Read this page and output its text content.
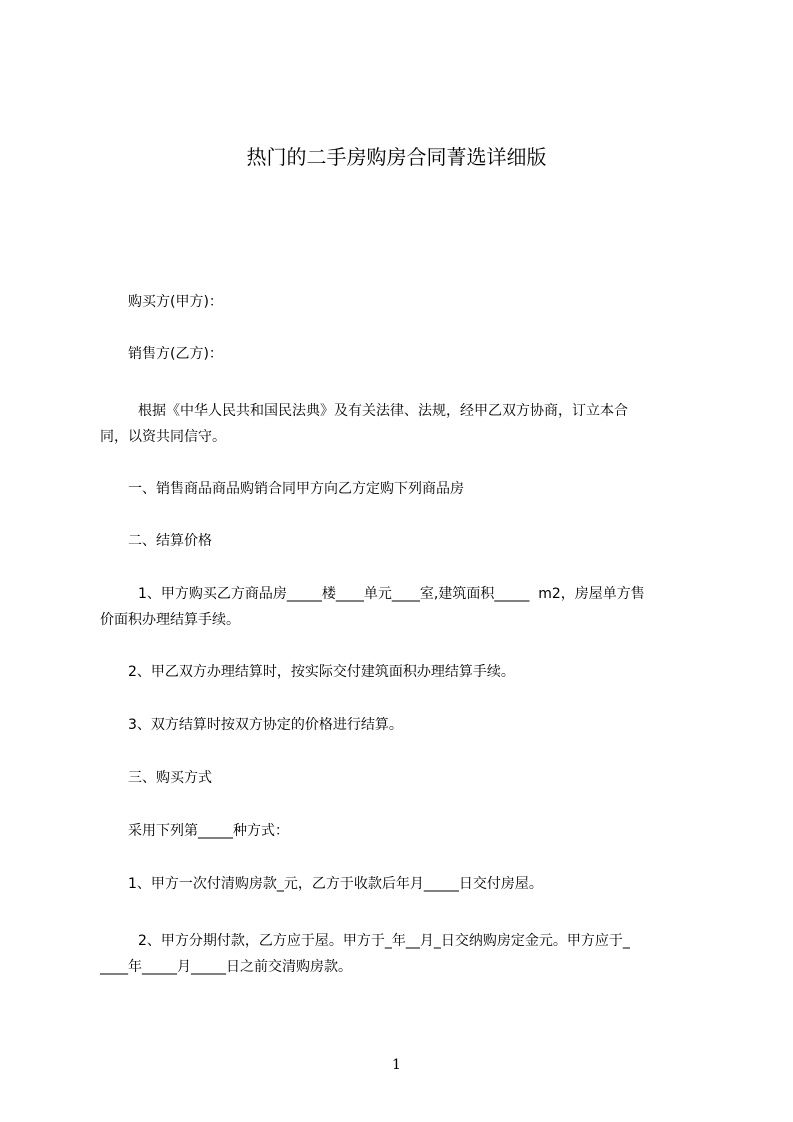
热门的二手房购房合同菁选详细版
购买方(甲方)：
销售方(乙方)：
根据《中华人民共和国民法典》及有关法律、法规，经甲乙双方协商，订立本合
同，以资共同信守。
一、销售商品商品购销合同甲方向乙方定购下列商品房
二、结算价格
1、甲方购买乙方商品房_____楼____单元____室,建筑面积_____  m2，房屋单方售
价面积办理结算手续。
2、甲乙双方办理结算时，按实际交付建筑面积办理结算手续。
3、双方结算时按双方协定的价格进行结算。
三、购买方式
采用下列第_____种方式：
1、甲方一次付清购房款_元，乙方于收款后年月_____日交付房屋。
2、甲方分期付款，乙方应于屋。甲方于_年__月_日交纳购房定金元。甲方应于_
____年_____月_____日之前交清购房款。
1
